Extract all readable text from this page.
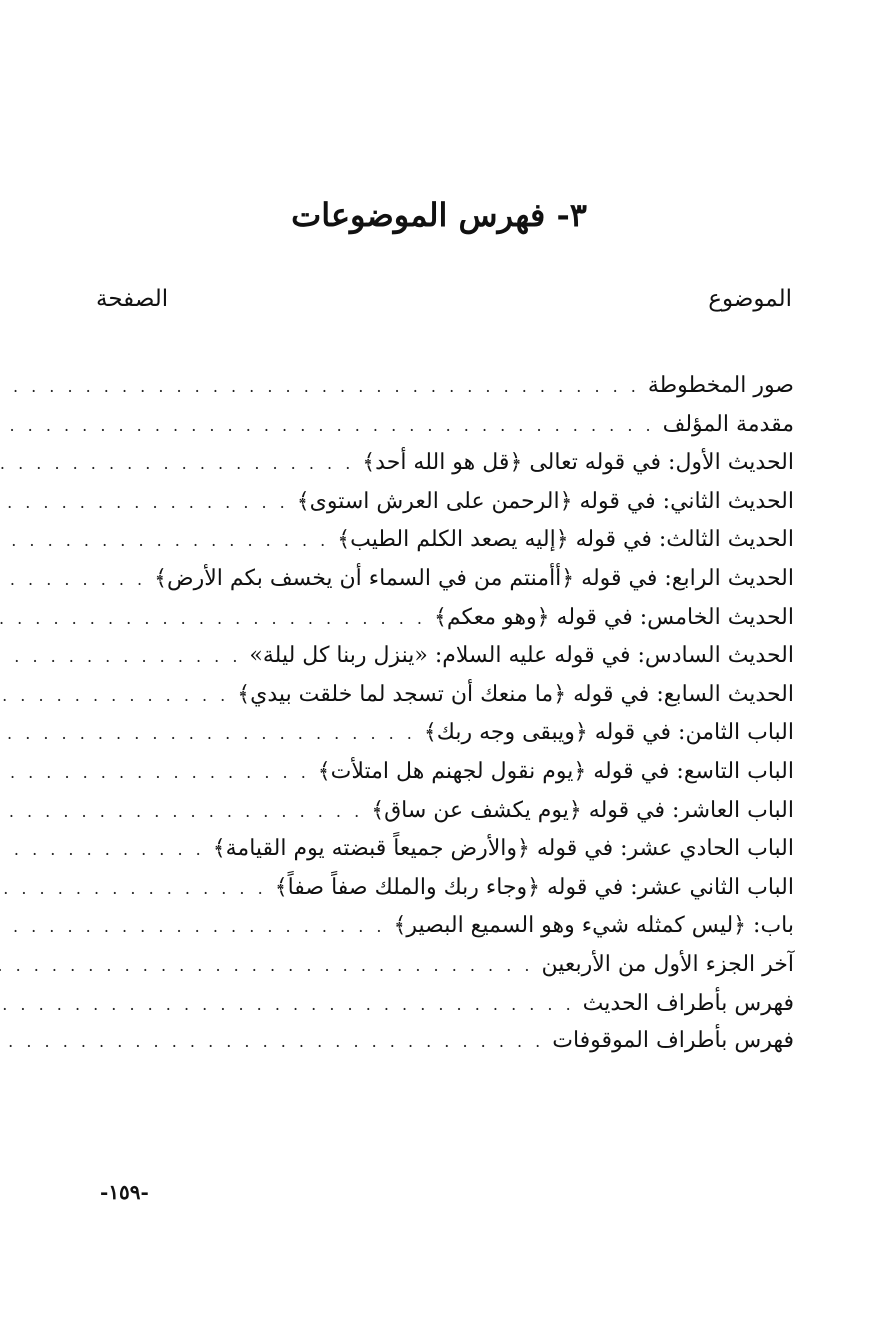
٣- فهرس الموضوعات
الموضوع
الصفحة
صور المخطوطة
. . .
مقدمة المؤلف
. . .
الحديث الأول: في قوله تعالى ﴿قل هو الله أحد﴾
. . .
الحديث الثاني: في قوله ﴿الرحمن على العرش استوى﴾
. . .
الحديث الثالث: في قوله ﴿إليه يصعد الكلم الطيب﴾
. . .
الحديث الرابع: في قوله ﴿أأمنتم من في السماء أن يخسف بكم الأرض﴾
. . .
الحديث الخامس: في قوله ﴿وهو معكم﴾
. . .
الحديث السادس: في قوله عليه السلام: «ينزل ربنا كل ليلة»
. . .
الحديث السابع: في قوله ﴿ما منعك أن تسجد لما خلقت بيدي﴾
. . .
الباب الثامن: في قوله ﴿ويبقى وجه ربك﴾
. . .
الباب التاسع: في قوله ﴿يوم نقول لجهنم هل امتلأت﴾
. . .
الباب العاشر: في قوله ﴿يوم يكشف عن ساق﴾
. . .
الباب الحادي عشر: في قوله ﴿والأرض جميعاً قبضته يوم القيامة﴾
. . .
الباب الثاني عشر: في قوله ﴿وجاء ربك والملك صفاً صفاً﴾
. . .
باب: ﴿ليس كمثله شيء وهو السميع البصير﴾
. . .
آخر الجزء الأول من الأربعين
. . .
فهرس بأطراف الحديث
. . .
فهرس بأطراف الموقوفات
. . .
-١٥٩-
